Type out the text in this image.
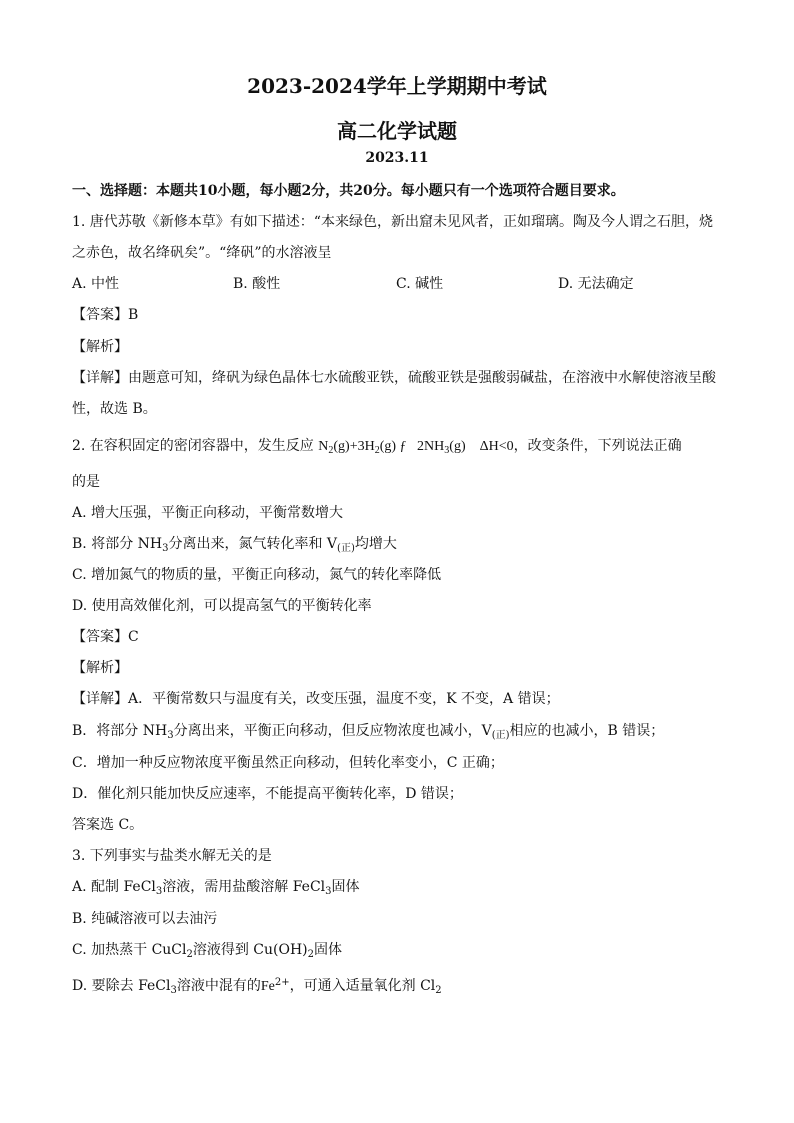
2023-2024学年上学期期中考试
高二化学试题
2023.11
一、选择题：本题共10小题，每小题2分，共20分。每小题只有一个选项符合题目要求。
1. 唐代苏敬《新修本草》有如下描述：“本来绿色，新出窟未见风者，正如瑠璃。陶及今人谓之石胆，烧
之赤色，故名绛矾矣”。“绛矾”的水溶液呈
A. 中性	B. 酸性	C. 碱性	D. 无法确定
【答案】B
【解析】
【详解】由题意可知，绛矾为绿色晶体七水硫酸亚铁，硫酸亚铁是强酸弱碱盐，在溶液中水解使溶液呈酸
性，故选 B。
2. 在容积固定的密闭容器中，发生反应 $N_2(g)+3H_2(g)$ ƒ   $2NH_3(g)$    ΔH<0，改变条件，下列说法正确
的是
A. 增大压强，平衡正向移动，平衡常数增大
B. 将部分 $NH_3$分离出来，氮气转化率和 $V_{(正)}$均增大
C. 增加氮气的物质的量，平衡正向移动，氮气的转化率降低
D. 使用高效催化剂，可以提高氢气的平衡转化率
【答案】C
【解析】
【详解】A．平衡常数只与温度有关，改变压强，温度不变，K 不变，A 错误；
B．将部分 $NH_3$分离出来，平衡正向移动，但反应物浓度也减小，$V_{(正)}$相应的也减小，B 错误；
C．增加一种反应物浓度平衡虽然正向移动，但转化率变小，C 正确；
D．催化剂只能加快反应速率，不能提高平衡转化率，D 错误；
答案选 C。
3. 下列事实与盐类水解无关的是
A. 配制 FeCl$_3$溶液，需用盐酸溶解 FeCl$_3$固体
B. 纯碱溶液可以去油污
C. 加热蒸干 CuCl$_2$溶液得到 $Cu(OH)_2$固体
D. 要除去 FeCl$_3$溶液中混有的$Fe^{2+}$，可通入适量氧化剂 $Cl_2$
